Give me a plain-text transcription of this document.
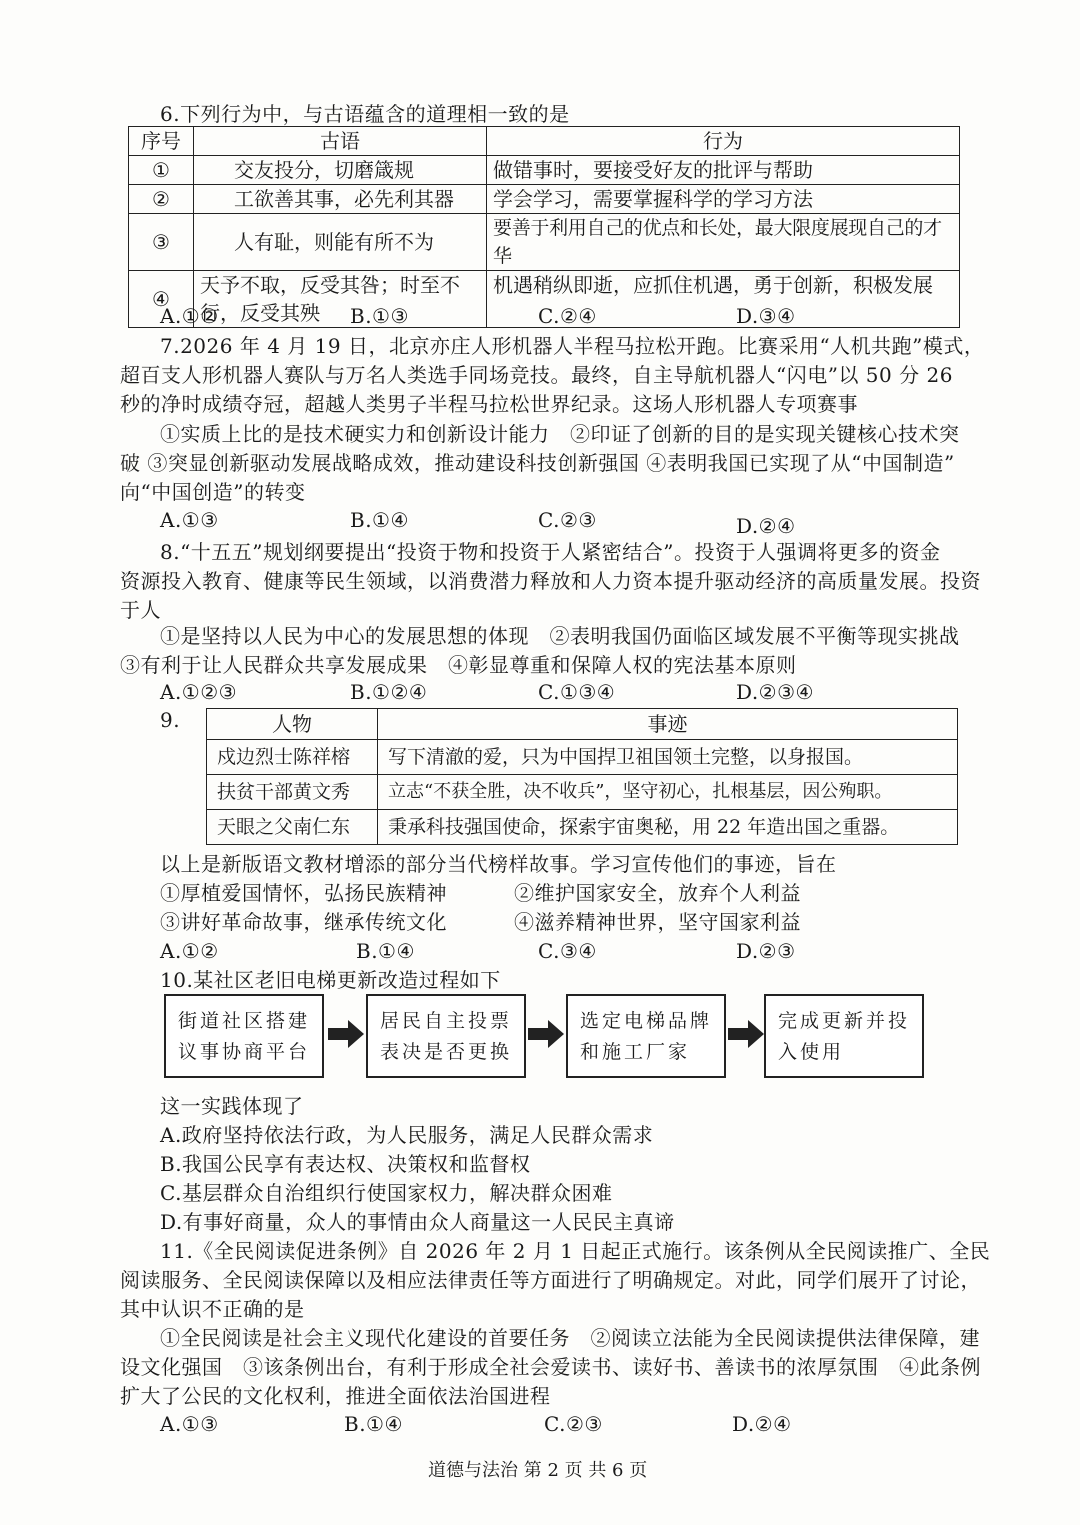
6.下列行为中，与古语蕴含的道理相一致的是

序号	古语	行为
①	交友投分，切磨箴规	做错事时，要接受好友的批评与帮助
②	工欲善其事，必先利其器	学会学习，需要掌握科学的学习方法
③	人有耻，则能有所不为	要善于利用自己的优点和长处，最大限度展现自己的才华
④	天予不取，反受其咎；时至不行，反受其殃	机遇稍纵即逝，应抓住机遇，勇于创新，积极发展
A.①②	B.①③	C.②④	D.③④

7.2026 年 4 月 19 日，北京亦庄人形机器人半程马拉松开跑。比赛采用“人机共跑”模式，

超百支人形机器人赛队与万名人类选手同场竞技。最终，自主导航机器人“闪电”以 50 分 26

秒的净时成绩夺冠，超越人类男子半程马拉松世界纪录。这场人形机器人专项赛事

①实质上比的是技术硬实力和创新设计能力　②印证了创新的目的是实现关键核心技术突

破 ③突显创新驱动发展战略成效，推动建设科技创新强国 ④表明我国已实现了从“中国制造”

向“中国创造”的转变

A.①③	B.①④	C.②③	D.②④

8.“十五五”规划纲要提出“投资于物和投资于人紧密结合”。投资于人强调将更多的资金

资源投入教育、健康等民生领域，以消费潜力释放和人力资本提升驱动经济的高质量发展。投资

于人

①是坚持以人民为中心的发展思想的体现　②表明我国仍面临区域发展不平衡等现实挑战

③有利于让人民群众共享发展成果　④彰显尊重和保障人权的宪法基本原则

A.①②③	B.①②④	C.①③④	D.②③④

9.	人物	事迹
戍边烈士陈祥榕	写下清澈的爱，只为中国捍卫祖国领土完整，以身报国。
扶贫干部黄文秀	立志“不获全胜，决不收兵”，坚守初心，扎根基层，因公殉职。
天眼之父南仁东	秉承科技强国使命，探索宇宙奥秘，用 22 年造出国之重器。

以上是新版语文教材增添的部分当代榜样故事。学习宣传他们的事迹，旨在

①厚植爱国情怀，弘扬民族精神	②维护国家安全，放弃个人利益

③讲好革命故事，继承传统文化	④滋养精神世界，坚守国家利益

A.①②	B.①④	C.③④	D.②③

10.某社区老旧电梯更新改造过程如下

街道社区搭建
议事协商平台
居民自主投票
表决是否更换
选定电梯品牌
和施工厂家
完成更新并投
入使用

这一实践体现了

A.政府坚持依法行政，为人民服务，满足人民群众需求

B.我国公民享有表达权、决策权和监督权

C.基层群众自治组织行使国家权力，解决群众困难

D.有事好商量，众人的事情由众人商量这一人民民主真谛

11.《全民阅读促进条例》自 2026 年 2 月 1 日起正式施行。该条例从全民阅读推广、全民

阅读服务、全民阅读保障以及相应法律责任等方面进行了明确规定。对此，同学们展开了讨论，

其中认识不正确的是

①全民阅读是社会主义现代化建设的首要任务　②阅读立法能为全民阅读提供法律保障，建

设文化强国　③该条例出台，有利于形成全社会爱读书、读好书、善读书的浓厚氛围　④此条例

扩大了公民的文化权利，推进全面依法治国进程

A.①③	B.①④	C.②③	D.②④

道德与法治 第 2 页 共 6 页
